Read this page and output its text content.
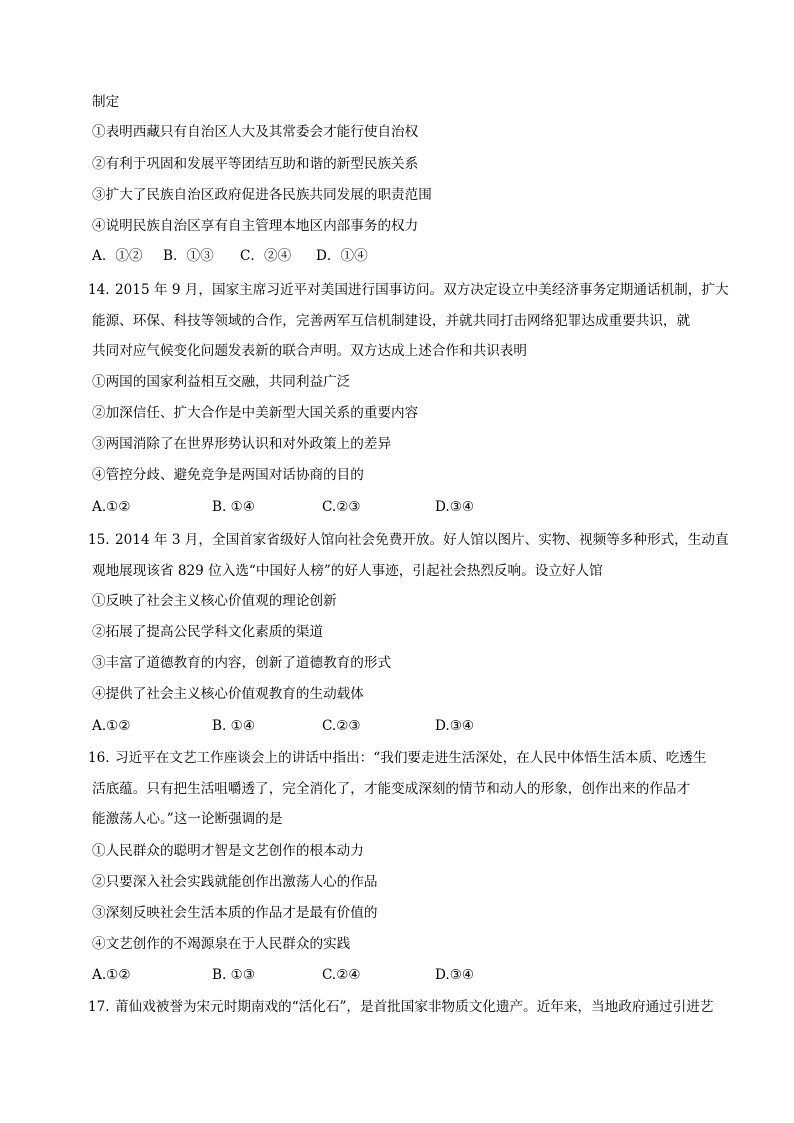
制定
①表明西藏只有自治区人大及其常委会才能行使自治权
②有利于巩固和发展平等团结互助和谐的新型民族关系
③扩大了民族自治区政府促进各民族共同发展的职责范围
④说明民族自治区享有自主管理本地区内部事务的权力
A．①② B．①③ C．②④ D．①④
14. 2015 年 9 月，国家主席习近平对美国进行国事访问。双方决定设立中美经济事务定期通话机制，扩大
能源、环保、科技等领域的合作，完善两军互信机制建设，并就共同打击网络犯罪达成重要共识，就
共同对应气候变化问题发表新的联合声明。双方达成上述合作和共识表明
①两国的国家利益相互交融，共同利益广泛
②加深信任、扩大合作是中美新型大国关系的重要内容
③两国消除了在世界形势认识和对外政策上的差异
④管控分歧、避免竞争是两国对话协商的目的
A.①②	B. ①④	C.②③	D.③④
15. 2014 年 3 月，全国首家省级好人馆向社会免费开放。好人馆以图片、实物、视频等多种形式，生动直
观地展现该省 829 位入选“中国好人榜”的好人事迹，引起社会热烈反响。设立好人馆
①反映了社会主义核心价值观的理论创新
②拓展了提高公民学科文化素质的渠道
③丰富了道德教育的内容，创新了道德教育的形式
④提供了社会主义核心价值观教育的生动载体
A.①②	B. ①④	C.②③	D.③④
16. 习近平在文艺工作座谈会上的讲话中指出：“我们要走进生活深处，在人民中体悟生活本质、吃透生
活底蕴。只有把生活咀嚼透了，完全消化了，才能变成深刻的情节和动人的形象，创作出来的作品才
能激荡人心。”这一论断强调的是
①人民群众的聪明才智是文艺创作的根本动力
②只要深入社会实践就能创作出激荡人心的作品
③深刻反映社会生活本质的作品才是最有价值的
④文艺创作的不竭源泉在于人民群众的实践
A.①②	B. ①③	C.②④	D.③④
17. 莆仙戏被誉为宋元时期南戏的“活化石”，是首批国家非物质文化遗产。近年来，当地政府通过引进艺
